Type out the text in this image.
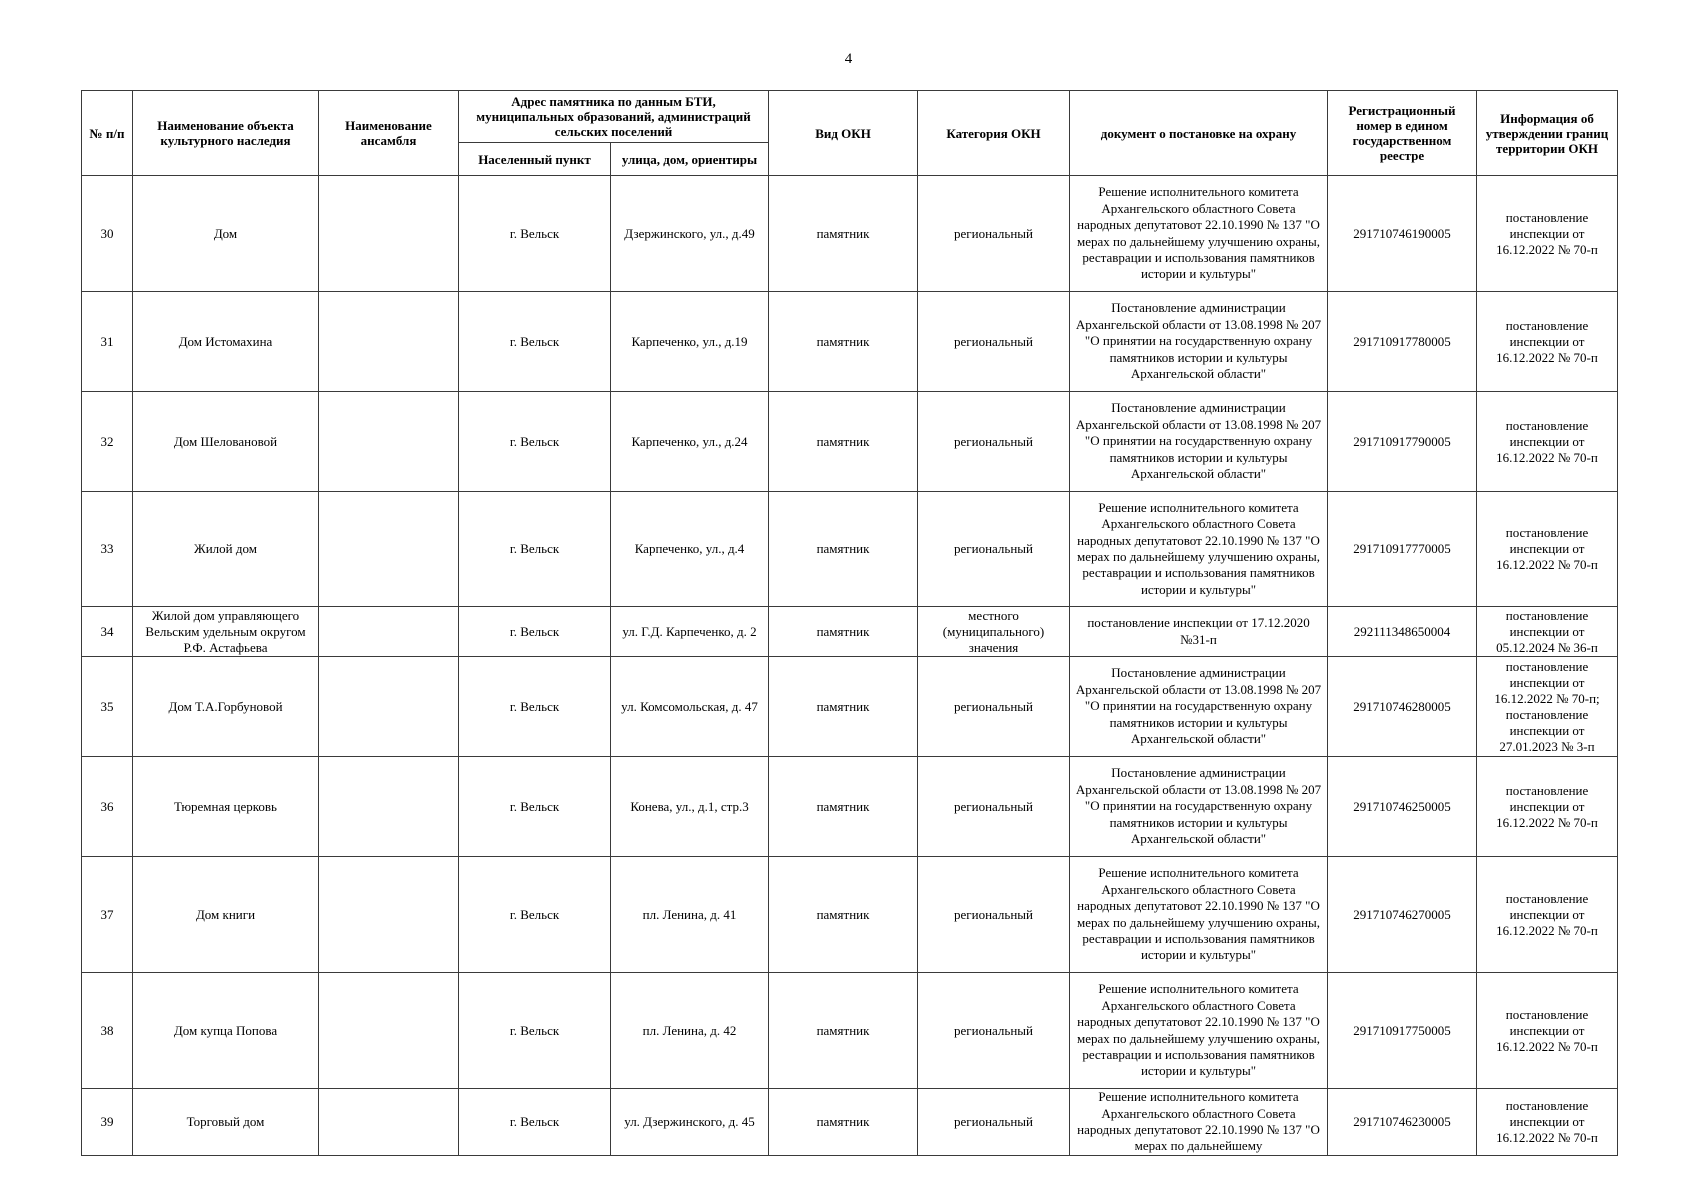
4
№ п/п	Наименование объекта культурного наследия	Наименование ансамбля	Адрес памятника по данным БТИ, муниципальных образований, администраций сельских поселений		Вид ОКН	Категория ОКН	документ о постановке на охрану	Регистрационный номер в едином государственном реестре	Информация об утверждении границ территории ОКН
			Населенный пункт	улица, дом, ориентиры					
30	Дом		г. Вельск	Дзержинского, ул., д.49	памятник	региональный	Решение исполнительного комитета Архангельского областного Совета народных депутатовот 22.10.1990 № 137 "О мерах по дальнейшему улучшению охраны, реставрации и использования памятников истории и культуры"	291710746190005	постановление инспекции от 16.12.2022 № 70-п
31	Дом Истомахина		г. Вельск	Карпеченко, ул., д.19	памятник	региональный	Постановление администрации Архангельской области от 13.08.1998 № 207 "О принятии на государственную охрану памятников истории и культуры Архангельской области"	291710917780005	постановление инспекции от 16.12.2022 № 70-п
32	Дом Шеловановой		г. Вельск	Карпеченко, ул., д.24	памятник	региональный	Постановление администрации Архангельской области от 13.08.1998 № 207 "О принятии на государственную охрану памятников истории и культуры Архангельской области"	291710917790005	постановление инспекции от 16.12.2022 № 70-п
33	Жилой дом		г. Вельск	Карпеченко, ул., д.4	памятник	региональный	Решение исполнительного комитета Архангельского областного Совета народных депутатовот 22.10.1990 № 137 "О мерах по дальнейшему улучшению охраны, реставрации и использования памятников истории и культуры"	291710917770005	постановление инспекции от 16.12.2022 № 70-п
34	Жилой дом управляющего Вельским удельным округом Р.Ф. Астафьева		г. Вельск	ул. Г.Д. Карпеченко, д. 2	памятник	местного (муниципального) значения	постановление инспекции от 17.12.2020 №31-п	292111348650004	постановление инспекции от 05.12.2024 № 36-п
35	Дом Т.А.Горбуновой		г. Вельск	ул. Комсомольская, д. 47	памятник	региональный	Постановление администрации Архангельской области от 13.08.1998 № 207 "О принятии на государственную охрану памятников истории и культуры Архангельской области"	291710746280005	постановление инспекции от 16.12.2022 № 70-п; постановление инспекции от 27.01.2023 № 3-п
36	Тюремная церковь		г. Вельск	Конева, ул., д.1, стр.3	памятник	региональный	Постановление администрации Архангельской области от 13.08.1998 № 207 "О принятии на государственную охрану памятников истории и культуры Архангельской области"	291710746250005	постановление инспекции от 16.12.2022 № 70-п
37	Дом книги		г. Вельск	пл. Ленина, д. 41	памятник	региональный	Решение исполнительного комитета Архангельского областного Совета народных депутатовот 22.10.1990 № 137 "О мерах по дальнейшему улучшению охраны, реставрации и использования памятников истории и культуры"	291710746270005	постановление инспекции от 16.12.2022 № 70-п
38	Дом купца Попова		г. Вельск	пл. Ленина, д. 42	памятник	региональный	Решение исполнительного комитета Архангельского областного Совета народных депутатовот 22.10.1990 № 137 "О мерах по дальнейшему улучшению охраны, реставрации и использования памятников истории и культуры"	291710917750005	постановление инспекции от 16.12.2022 № 70-п
39	Торговый дом		г. Вельск	ул. Дзержинского, д. 45	памятник	региональный	Решение исполнительного комитета Архангельского областного Совета народных депутатовот 22.10.1990 № 137 "О мерах по дальнейшему	291710746230005	постановление инспекции от 16.12.2022 № 70-п
